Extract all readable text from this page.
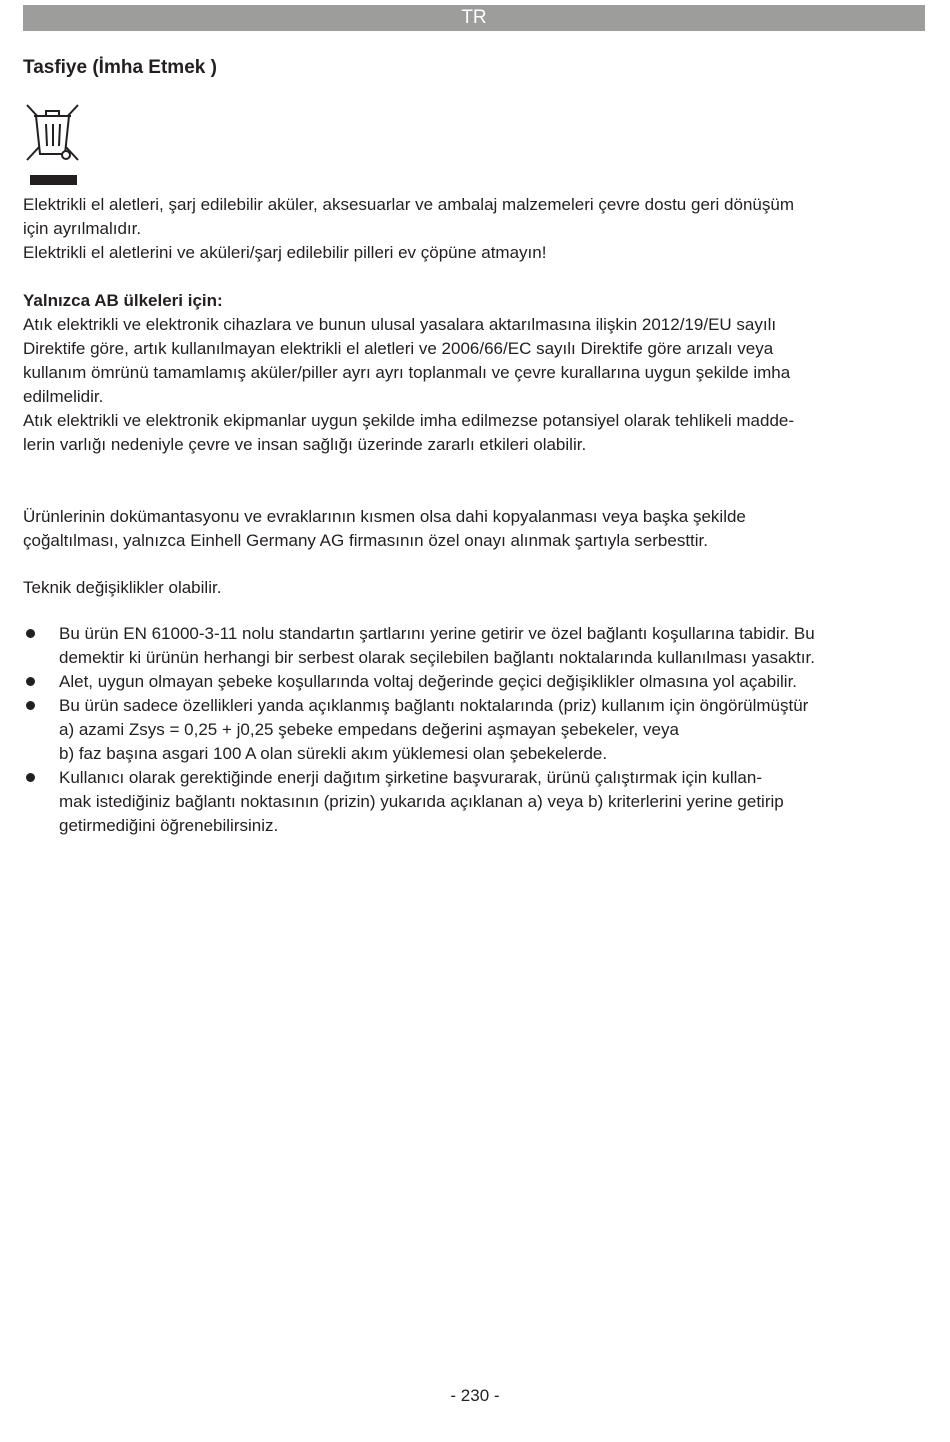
TR
Tasfiye (İmha Etmek )
Elektrikli el aletleri, şarj edilebilir aküler, aksesuarlar ve ambalaj malzemeleri çevre dostu geri dönüşüm
için ayrılmalıdır.
Elektrikli el aletlerini ve aküleri/şarj edilebilir pilleri ev çöpüne atmayın!
Yalnızca AB ülkeleri için:
Atık elektrikli ve elektronik cihazlara ve bunun ulusal yasalara aktarılmasına ilişkin 2012/19/EU sayılı
Direktife göre, artık kullanılmayan elektrikli el aletleri ve 2006/66/EC sayılı Direktife göre arızalı veya
kullanım ömrünü tamamlamış aküler/piller ayrı ayrı toplanmalı ve çevre kurallarına uygun şekilde imha
edilmelidir.
Atık elektrikli ve elektronik ekipmanlar uygun şekilde imha edilmezse potansiyel olarak tehlikeli madde-
lerin varlığı nedeniyle çevre ve insan sağlığı üzerinde zararlı etkileri olabilir.
Ürünlerinin dokümantasyonu ve evraklarının kısmen olsa dahi kopyalanması veya başka şekilde
çoğaltılması, yalnızca Einhell Germany AG firmasının özel onayı alınmak şartıyla serbesttir.

Teknik değişiklikler olabilir.

Bu ürün EN 61000-3-11 nolu standartın şartlarını yerine getirir ve özel bağlantı koşullarına tabidir. Bu
demektir ki ürünün herhangi bir serbest olarak seçilebilen bağlantı noktalarında kullanılması yasaktır.
Alet, uygun olmayan şebeke koşullarında voltaj değerinde geçici değişiklikler olmasına yol açabilir.
Bu ürün sadece özellikleri yanda açıklanmış bağlantı noktalarında (priz) kullanım için öngörülmüştür
a) azami Zsys = 0,25 + j0,25 şebeke empedans değerini aşmayan şebekeler, veya
b) faz başına asgari 100 A olan sürekli akım yüklemesi olan şebekelerde.
Kullanıcı olarak gerektiğinde enerji dağıtım şirketine başvurarak, ürünü çalıştırmak için kullan-
mak istediğiniz bağlantı noktasının (prizin) yukarıda açıklanan a) veya b) kriterlerini yerine getirip
getirmediğini öğrenebilirsiniz.
- 230 -
